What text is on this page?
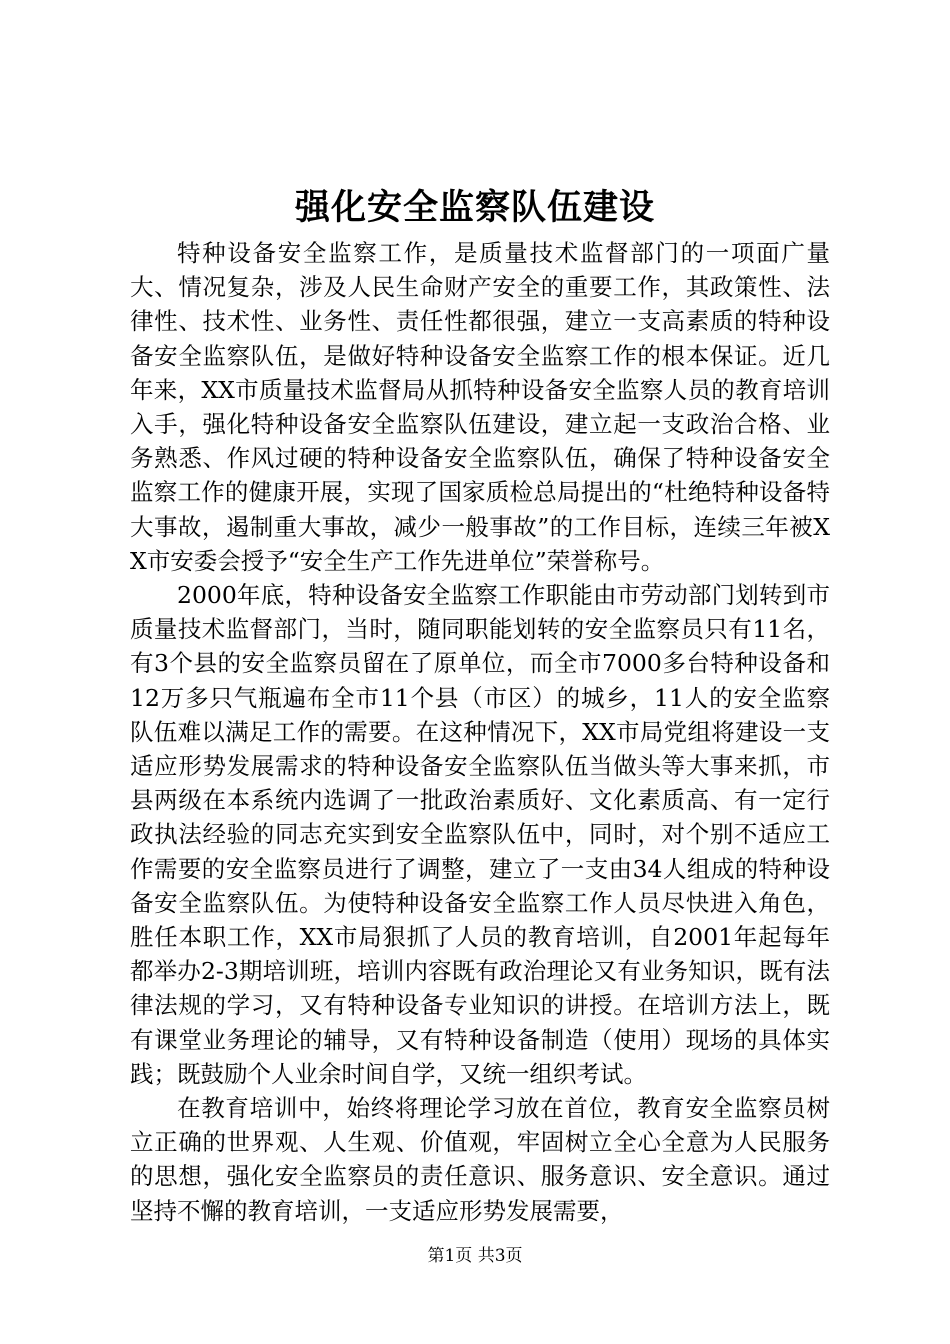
强化安全监察队伍建设

特种设备安全监察工作，是质量技术监督部门的一项面广量大、情况复杂，涉及人民生命财产安全的重要工作，其政策性、法律性、技术性、业务性、责任性都很强，建立一支高素质的特种设备安全监察队伍，是做好特种设备安全监察工作的根本保证。近几年来，XX市质量技术监督局从抓特种设备安全监察人员的教育培训入手，强化特种设备安全监察队伍建设，建立起一支政治合格、业务熟悉、作风过硬的特种设备安全监察队伍，确保了特种设备安全监察工作的健康开展，实现了国家质检总局提出的“杜绝特种设备特大事故，遏制重大事故，减少一般事故”的工作目标，连续三年被XX市安委会授予“安全生产工作先进单位”荣誉称号。

2000年底，特种设备安全监察工作职能由市劳动部门划转到市质量技术监督部门，当时，随同职能划转的安全监察员只有11名，有3个县的安全监察员留在了原单位，而全市7000多台特种设备和12万多只气瓶遍布全市11个县（市区）的城乡，11人的安全监察队伍难以满足工作的需要。在这种情况下，XX市局党组将建设一支适应形势发展需求的特种设备安全监察队伍当做头等大事来抓，市县两级在本系统内选调了一批政治素质好、文化素质高、有一定行政执法经验的同志充实到安全监察队伍中，同时，对个别不适应工作需要的安全监察员进行了调整，建立了一支由34人组成的特种设备安全监察队伍。为使特种设备安全监察工作人员尽快进入角色，胜任本职工作，XX市局狠抓了人员的教育培训，自2001年起每年都举办2-3期培训班，培训内容既有政治理论又有业务知识，既有法律法规的学习，又有特种设备专业知识的讲授。在培训方法上，既有课堂业务理论的辅导，又有特种设备制造（使用）现场的具体实践；既鼓励个人业余时间自学，又统一组织考试。

在教育培训中，始终将理论学习放在首位，教育安全监察员树立正确的世界观、人生观、价值观，牢固树立全心全意为人民服务的思想，强化安全监察员的责任意识、服务意识、安全意识。通过坚持不懈的教育培训，一支适应形势发展需要，

第1页 共3页
